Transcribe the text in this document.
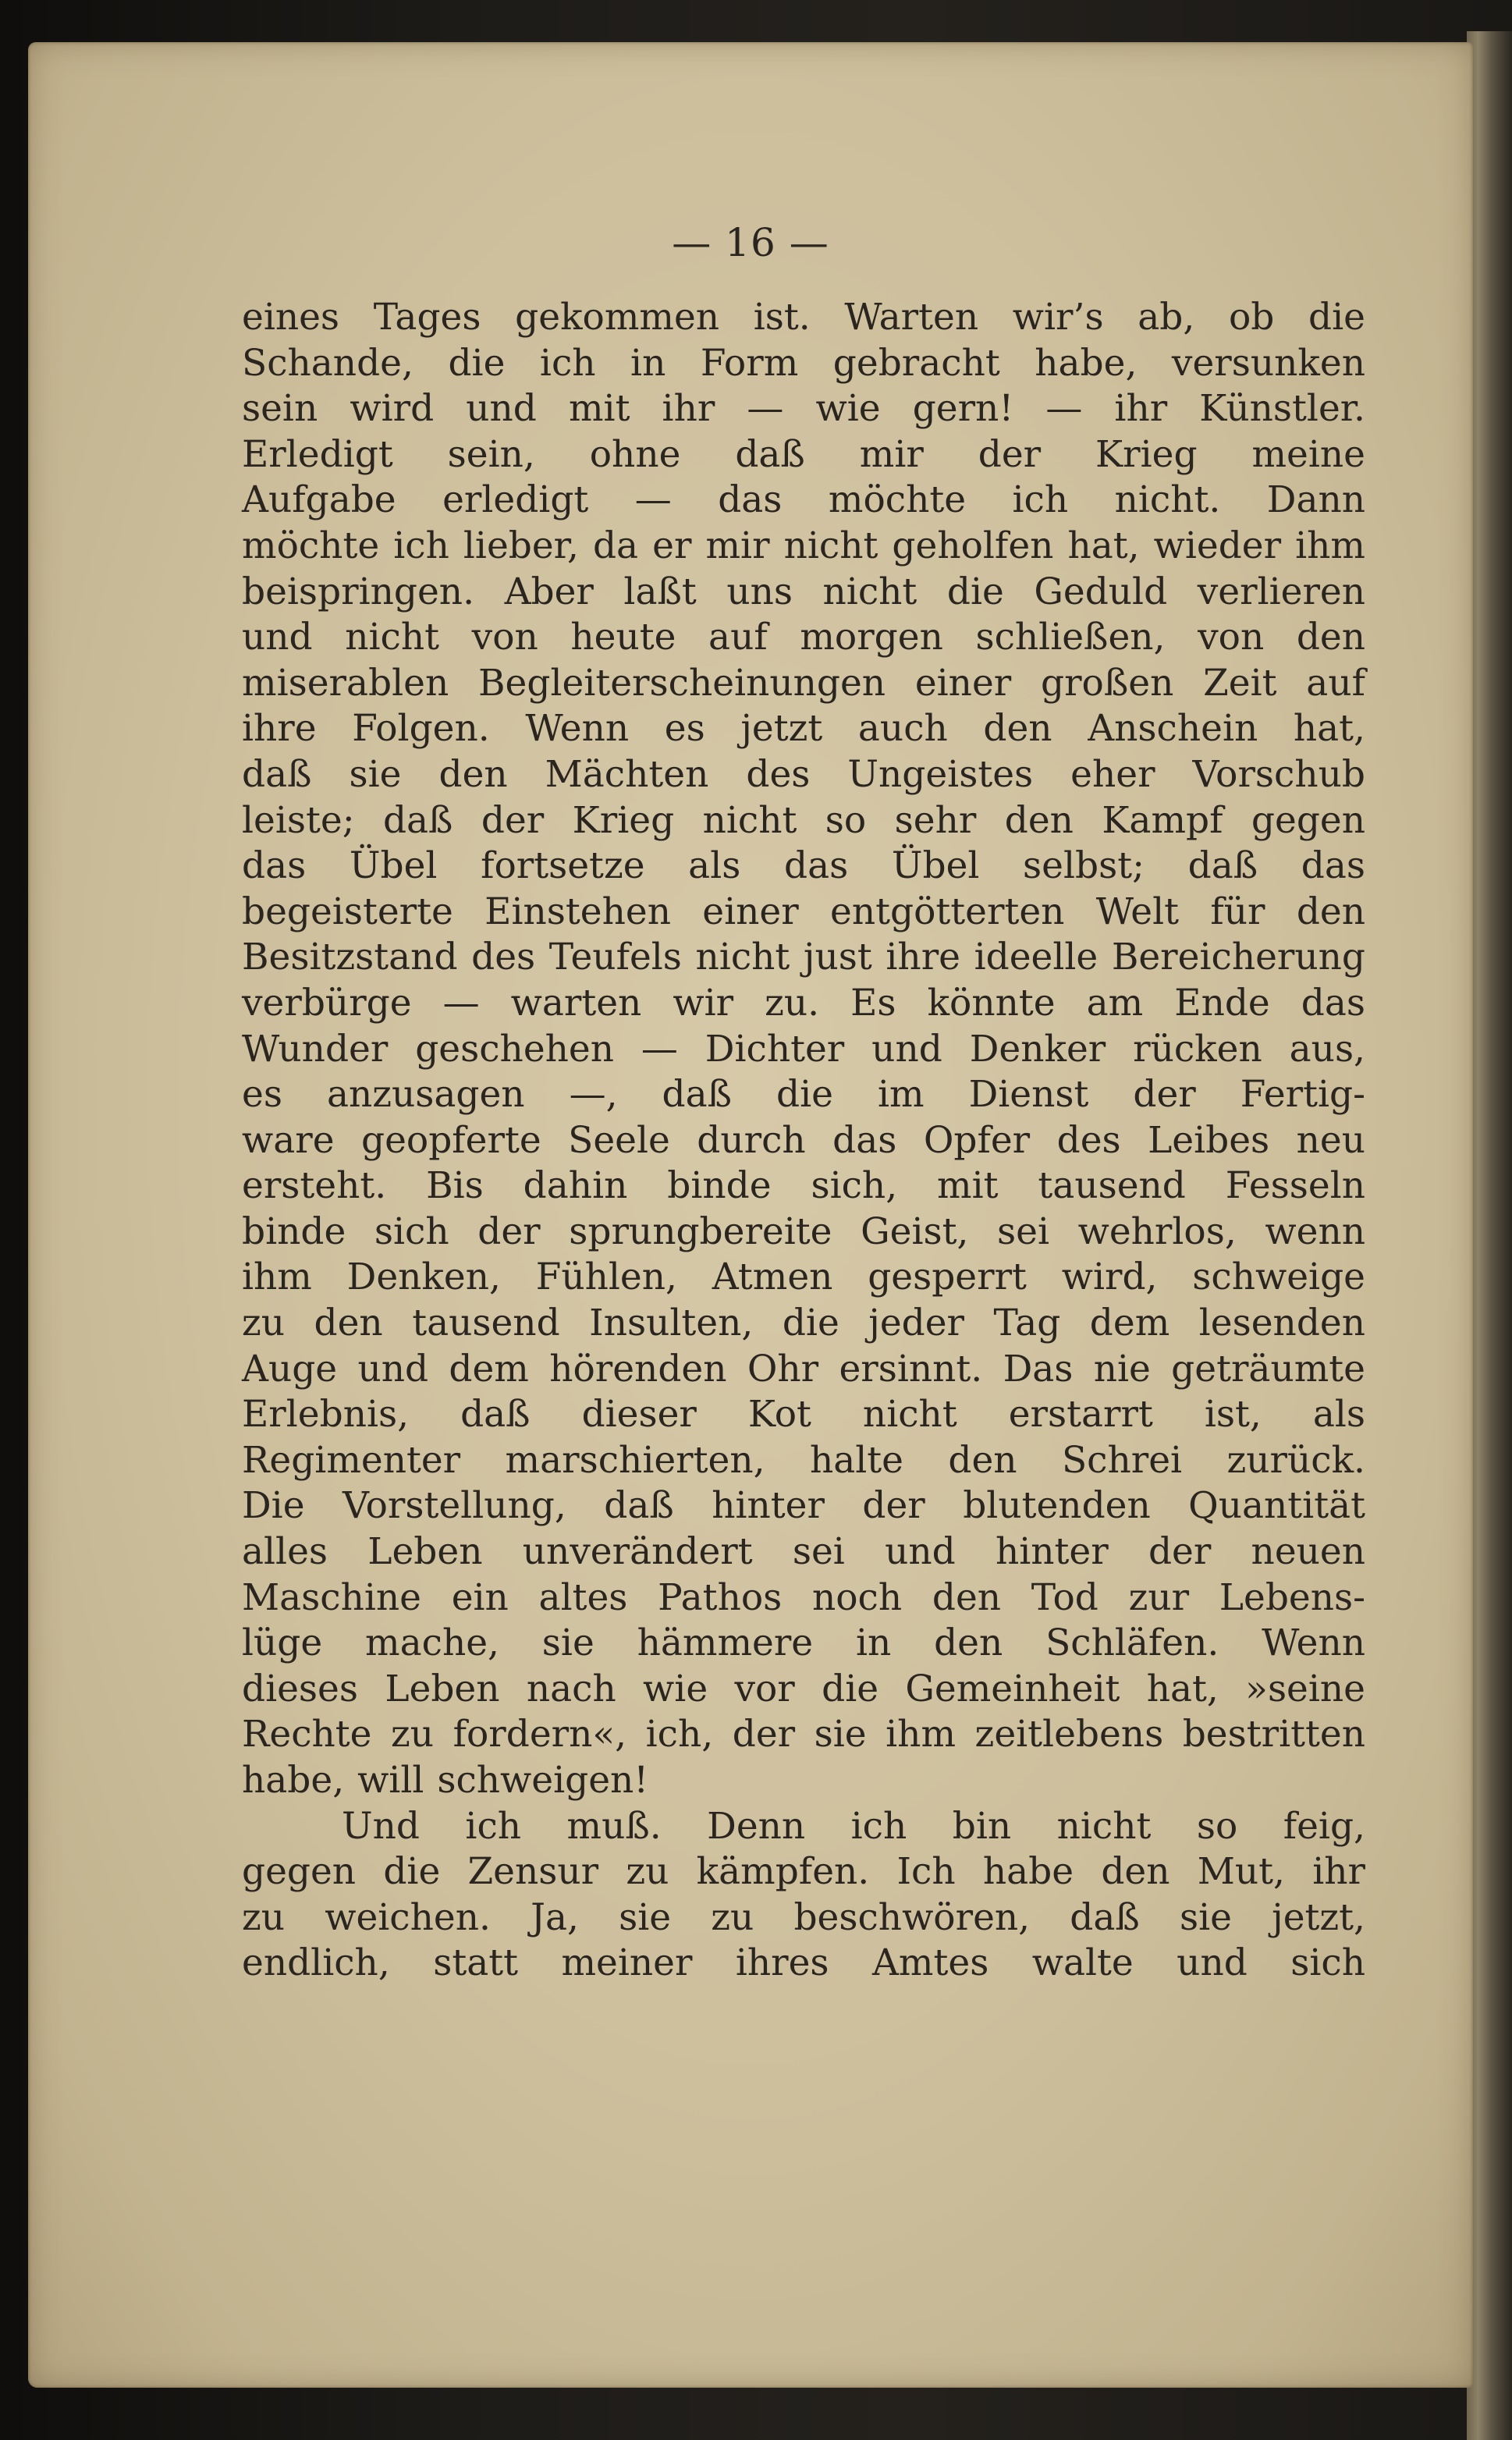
— 16 —
eines Tages gekommen ist. Warten wir’s ab, ob die
Schande, die ich in Form gebracht habe, versunken
sein wird und mit ihr — wie gern! — ihr Künstler.
Erledigt sein, ohne daß mir der Krieg meine
Aufgabe erledigt — das möchte ich nicht. Dann
möchte ich lieber, da er mir nicht geholfen hat, wieder ihm
beispringen. Aber laßt uns nicht die Geduld verlieren
und nicht von heute auf morgen schließen, von den
miserablen Begleiterscheinungen einer großen Zeit auf
ihre Folgen. Wenn es jetzt auch den Anschein hat,
daß sie den Mächten des Ungeistes eher Vorschub
leiste; daß der Krieg nicht so sehr den Kampf gegen
das Übel fortsetze als das Übel selbst; daß das
begeisterte Einstehen einer entgötterten Welt für den
Besitzstand des Teufels nicht just ihre ideelle Bereicherung
verbürge — warten wir zu. Es könnte am Ende das
Wunder geschehen — Dichter und Denker rücken aus,
es anzusagen —, daß die im Dienst der Fertig-
ware geopferte Seele durch das Opfer des Leibes neu
ersteht. Bis dahin binde sich, mit tausend Fesseln
binde sich der sprungbereite Geist, sei wehrlos, wenn
ihm Denken, Fühlen, Atmen gesperrt wird, schweige
zu den tausend Insulten, die jeder Tag dem lesenden
Auge und dem hörenden Ohr ersinnt. Das nie geträumte
Erlebnis, daß dieser Kot nicht erstarrt ist, als
Regimenter marschierten, halte den Schrei zurück.
Die Vorstellung, daß hinter der blutenden Quantität
alles Leben unverändert sei und hinter der neuen
Maschine ein altes Pathos noch den Tod zur Lebens-
lüge mache, sie hämmere in den Schläfen. Wenn
dieses Leben nach wie vor die Gemeinheit hat, »seine
Rechte zu fordern«, ich, der sie ihm zeitlebens bestritten
habe, will schweigen!
Und ich muß. Denn ich bin nicht so feig,
gegen die Zensur zu kämpfen. Ich habe den Mut, ihr
zu weichen. Ja, sie zu beschwören, daß sie jetzt,
endlich, statt meiner ihres Amtes walte und sich
